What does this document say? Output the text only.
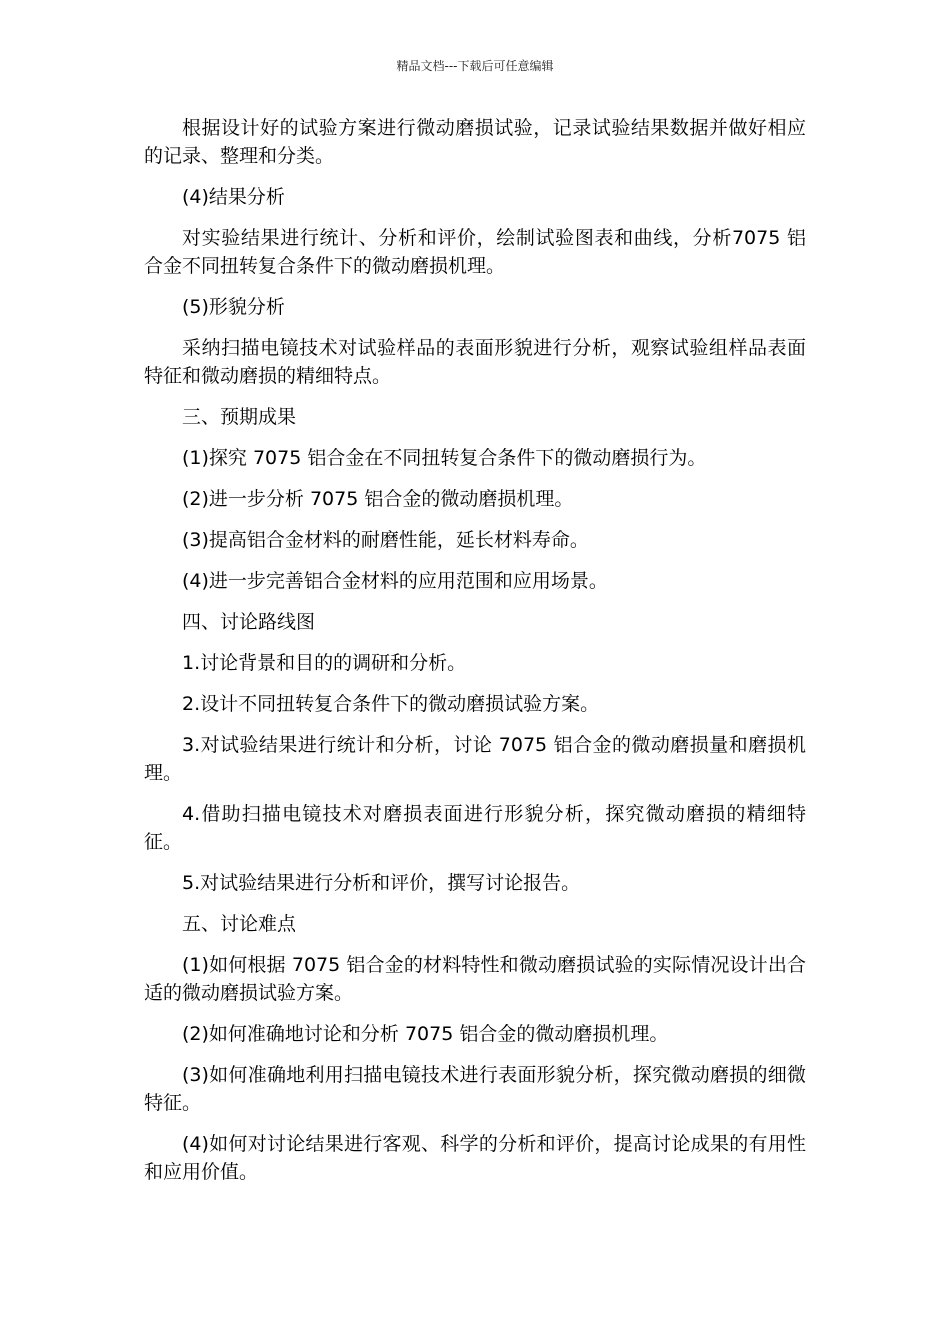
精品文档---下载后可任意编辑

根据设计好的试验方案进行微动磨损试验，记录试验结果数据并做好相应的记录、整理和分类。

(4)结果分析

对实验结果进行统计、分析和评价，绘制试验图表和曲线，分析7075 铝合金不同扭转复合条件下的微动磨损机理。

(5)形貌分析

采纳扫描电镜技术对试验样品的表面形貌进行分析，观察试验组样品表面特征和微动磨损的精细特点。

三、预期成果

(1)探究 7075 铝合金在不同扭转复合条件下的微动磨损行为。

(2)进一步分析 7075 铝合金的微动磨损机理。

(3)提高铝合金材料的耐磨性能，延长材料寿命。

(4)进一步完善铝合金材料的应用范围和应用场景。

四、讨论路线图

1.讨论背景和目的的调研和分析。

2.设计不同扭转复合条件下的微动磨损试验方案。

3.对试验结果进行统计和分析，讨论 7075 铝合金的微动磨损量和磨损机理。

4.借助扫描电镜技术对磨损表面进行形貌分析，探究微动磨损的精细特征。

5.对试验结果进行分析和评价，撰写讨论报告。

五、讨论难点

(1)如何根据 7075 铝合金的材料特性和微动磨损试验的实际情况设计出合适的微动磨损试验方案。

(2)如何准确地讨论和分析 7075 铝合金的微动磨损机理。

(3)如何准确地利用扫描电镜技术进行表面形貌分析，探究微动磨损的细微特征。

(4)如何对讨论结果进行客观、科学的分析和评价，提高讨论成果的有用性和应用价值。
